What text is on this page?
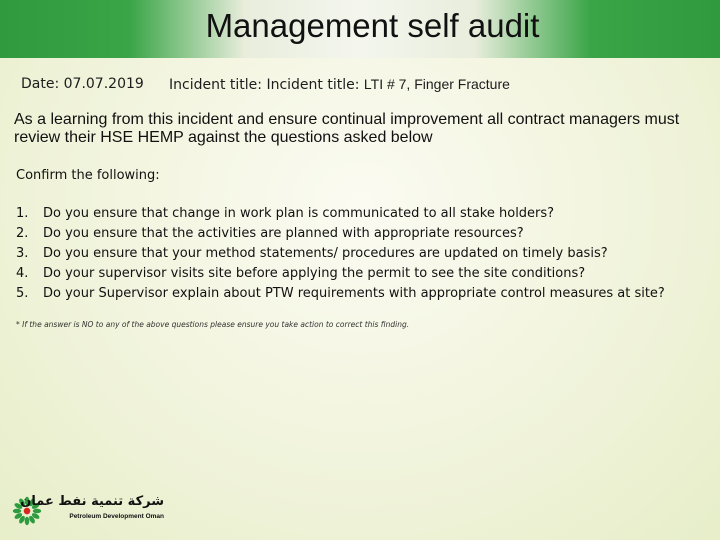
Management self audit
Date: 07.07.2019 Incident title: Incident title: LTI # 7, Finger Fracture
As a learning from this incident and ensure continual improvement all contract managers must review their HSE HEMP against the questions asked below
Confirm the following:
1.	Do you ensure that change in work plan is communicated to all stake holders?
2.	Do you ensure that the activities are planned with appropriate resources?
3.	Do you ensure that your method statements/ procedures are updated on timely basis?
4.	Do your supervisor visits site before applying the permit to see the site conditions?
5.	Do your Supervisor explain about PTW requirements with appropriate control measures at site?
* If the answer is NO to any of the above questions please ensure you take action to correct this finding.
شركة تنمية نفط عمان
Petroleum Development Oman
